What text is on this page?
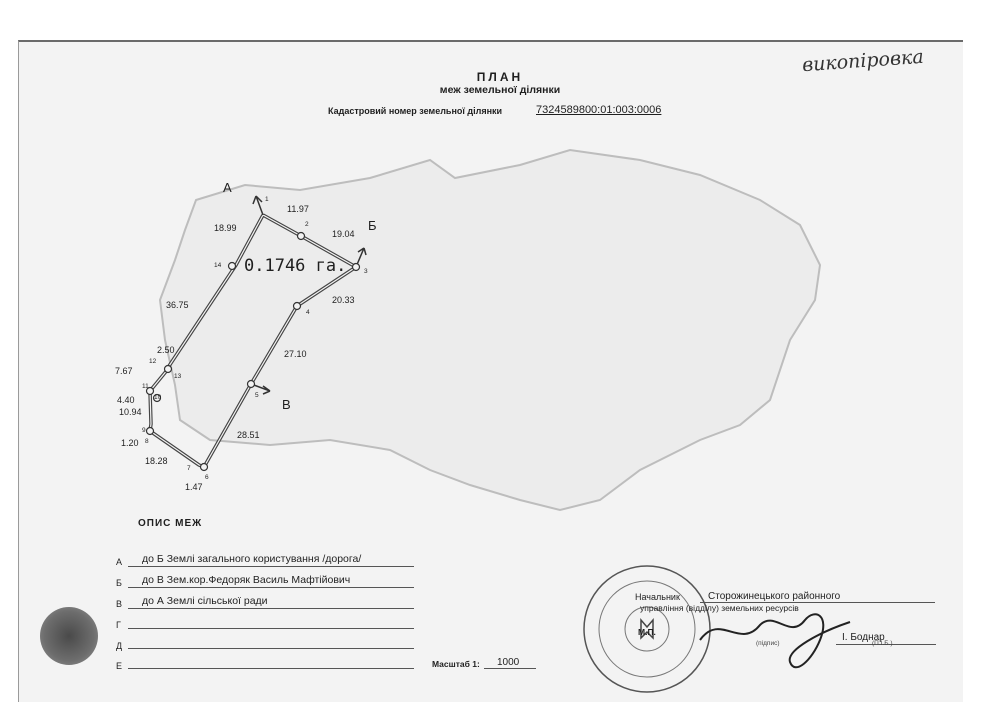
викопіровка
ПЛАН
меж земельної ділянки
Кадастровий номер земельної ділянки	7324589800:01:003:0006
0.1746 га.
А
Б
В
1
2
3
4
5
6
7
8
9
10
11
12
13
14
11.97
19.04
20.33
27.10
28.51
1.47
18.28
1.20
10.94
4.40
7.67
2.50
36.75
18.99
ОПИС МЕЖ
А до Б Землі загального користування /дорога/
Б до В Зем.кор.Федоряк Василь Мафтійович
В до А Землі сільської ради
Г
Д
Е	Масштаб 1: 1000
Начальник	Сторожинецького районного
управління (відділу) земельних ресурсів
М.П.
(підпис)
І. Боднар
(П.І.Б.)
